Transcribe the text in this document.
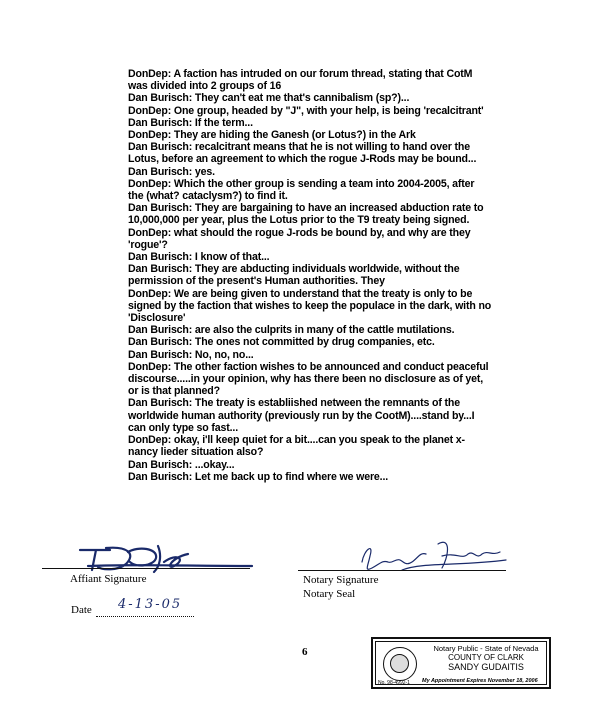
DonDep: A faction has intruded on our forum thread, stating that CotM
was divided into 2 groups of 16
Dan Burisch: They can't eat me that's cannibalism (sp?)...
DonDep: One group, headed by "J", with your help, is being 'recalcitrant'
Dan Burisch: If the term...
DonDep: They are hiding the Ganesh (or Lotus?) in the Ark
Dan Burisch: recalcitrant means that he is not willing to hand over the
Lotus, before an agreement to which the rogue J-Rods may be bound...
Dan Burisch: yes.
DonDep: Which the other group is sending a team into 2004-2005, after
the (what? cataclysm?) to find it.
Dan Burisch: They are bargaining to have an increased abduction rate to
10,000,000 per year, plus the Lotus prior to the T9 treaty being signed.
DonDep: what should the rogue J-rods be bound by, and why are they
'rogue'?
Dan Burisch: I know of that...
Dan Burisch: They are abducting individuals worldwide, without the
permission of the present's Human authorities. They
DonDep: We are being given to understand that the treaty is only to be
signed by the faction that wishes to keep the populace in the dark, with no
'Disclosure'
Dan Burisch: are also the culprits in many of the cattle mutilations.
Dan Burisch: The ones not committed by drug companies, etc.
Dan Burisch: No, no, no...
DonDep: The other faction wishes to be announced and conduct peaceful
discourse.....in your opinion, why has there been no disclosure as of yet,
or is that planned?
Dan Burisch: The treaty is establiished netween the remnants of the
worldwide human authority (previously run by the CootM)....stand by...I
can only type so fast...
DonDep: okay, i'll keep quiet for a bit....can you speak to the planet x-
nancy lieder situation also?
Dan Burisch: ...okay...
Dan Burisch: Let me back up to find where we were...
Affiant Signature
Date 4-13-05
Notary Signature
Notary Seal
6	Notary Public - State of Nevada
COUNTY OF CLARK
SANDY GUDAITIS
No. 98-4992-1 My Appointment Expires November 18, 2006
